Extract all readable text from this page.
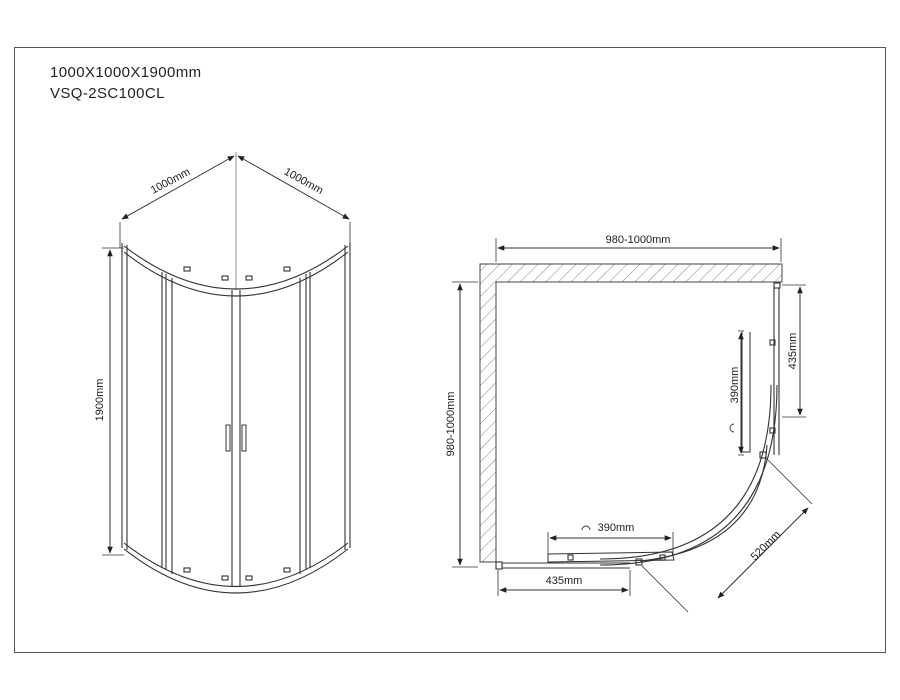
1000X1000X1900mm
VSQ-2SC100CL
1000mm	1000mm
1900mm
980-1000mm
980-1000mm
435mm
390mm
390mm
435mm
520mm
